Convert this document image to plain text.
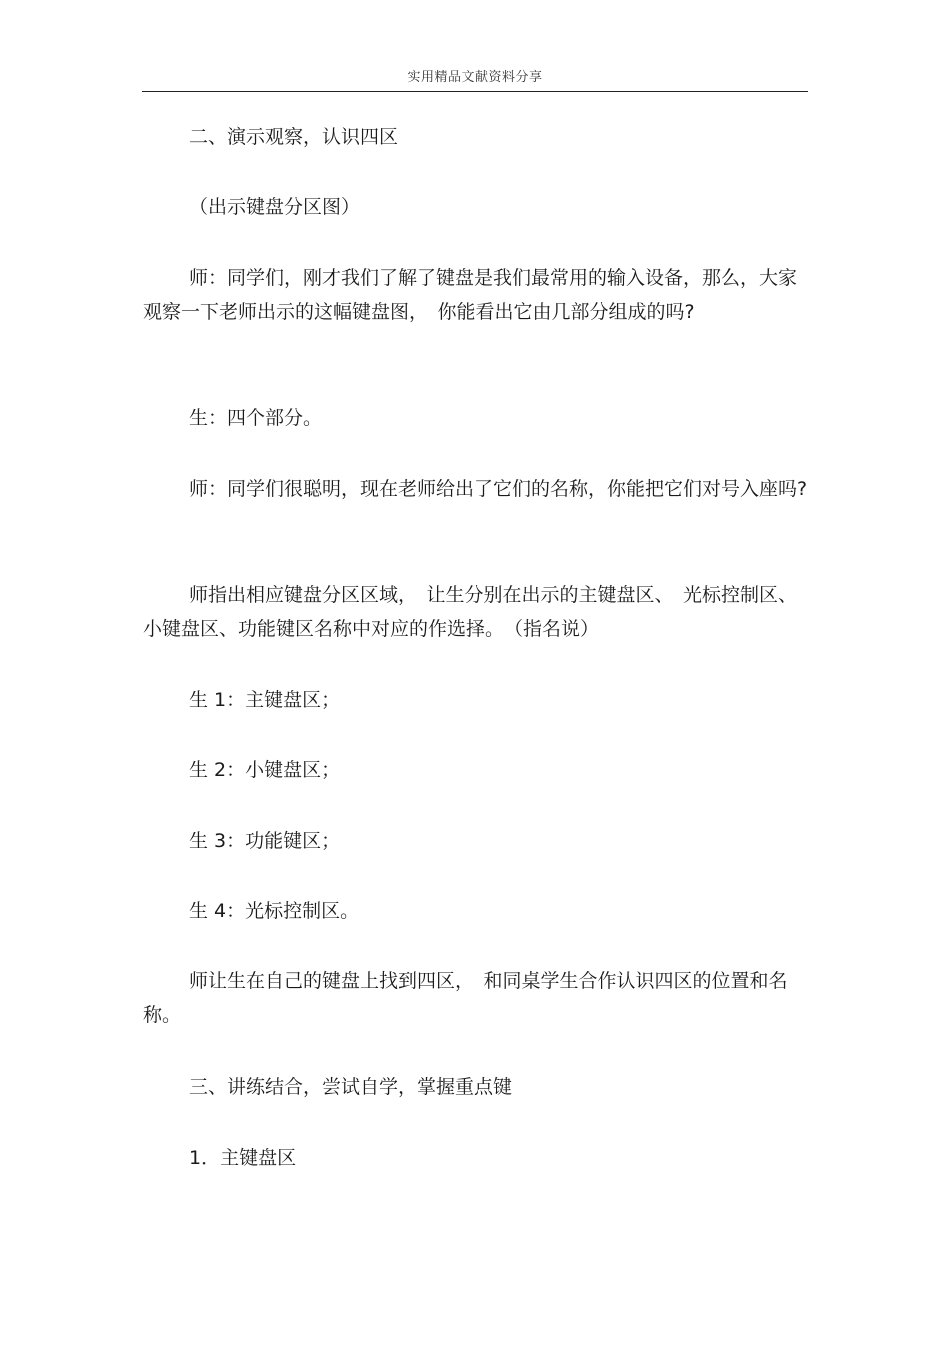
实用精品文献资料分享

二、演示观察，认识四区

（出示键盘分区图）

师：同学们，刚才我们了解了键盘是我们最常用的输入设备，那么，大家观察一下老师出示的这幅键盘图，　你能看出它由几部分组成的吗?

生：四个部分。

师：同学们很聪明，现在老师给出了它们的名称，你能把它们对号入座吗?

师指出相应键盘分区区域，　让生分别在出示的主键盘区、　光标控制区、小键盘区、功能键区名称中对应的作选择。　（指名说）

生 1：主键盘区；

生 2：小键盘区；

生 3：功能键区；

生 4：光标控制区。

师让生在自己的键盘上找到四区，　和同桌学生合作认识四区的位置和名称。

三、讲练结合，尝试自学，掌握重点键

1．主键盘区
